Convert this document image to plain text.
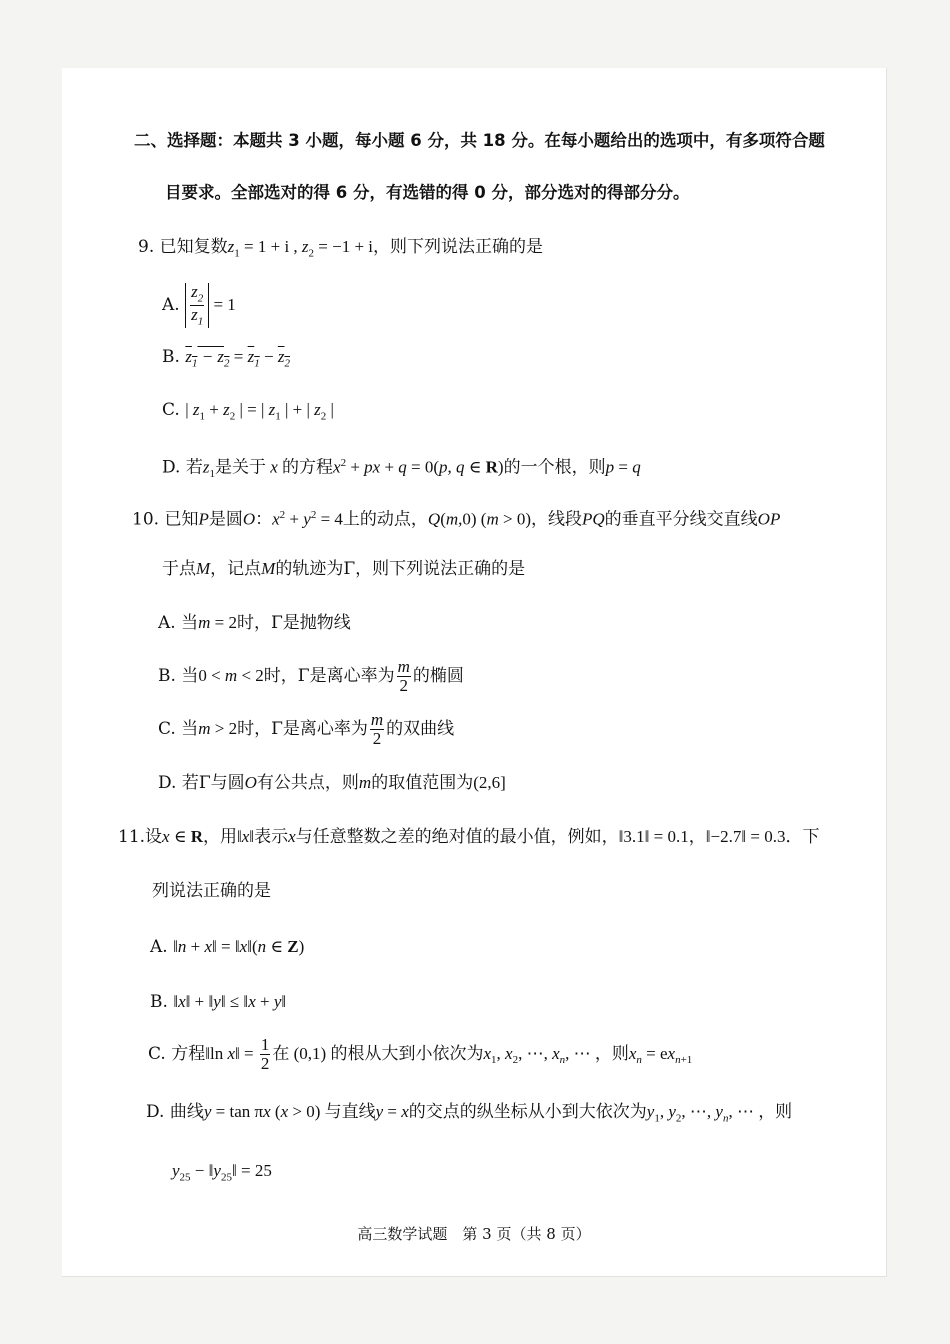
二、选择题：本题共 3 小题，每小题 6 分，共 18 分。在每小题给出的选项中，有多项符合题
目要求。全部选对的得 6 分，有选错的得 0 分，部分选对的得部分分。
9. 已知复数$z_1 = 1 + i$ , $z_2 = -1 + i$，则下列说法正确的是
A. $\frac{z_2}{z_1} = 1$
B. $z_1 - z_2 = z_1 - z_2$
C. | $z_1 + z_2$ | = | $z_1$ | + | $z_2$ |
D. 若$z_1$是关于 x 的方程$x^2$ + px + q = 0(p, q ∈ R)的一个根，则p = q
10. 已知P是圆O：$x^2 + y^2 = 4$上的动点，Q(m,0) (m > 0)，线段PQ的垂直平分线交直线OP
于点M，记点M的轨迹为Γ，则下列说法正确的是
A. 当m = 2时，Γ是抛物线
B. 当0 < m < 2时，Γ是离心率为 $\frac{m}{2}$ 的椭圆
C. 当m > 2时，Γ是离心率为 $\frac{m}{2}$ 的双曲线
D. 若Γ与圆O有公共点，则m的取值范围为(2,6]
11.设x ∈ R，用‖x‖表示x与任意整数之差的绝对值的最小值，例如，‖3.1‖ = 0.1，‖−2.7‖ = 0.3．下
列说法正确的是
A. ‖n + x‖ = ‖x‖(n ∈ Z)
B. ‖x‖ + ‖y‖ ≤ ‖x + y‖
C. 方程‖ln x‖ = $\frac{1}{2}$ 在 (0,1) 的根从大到小依次为$x_1$, $x_2$, ⋯, $x_n$, ⋯ ，则$x_n = ex_{n+1}$
D. 曲线y = tan πx (x > 0) 与直线y = x的交点的纵坐标从小到大依次为$y_1$, $y_2$, ⋯, $y_n$, ⋯ ，则
$y_{25}$ − $‖y_{25}‖ = 25$
高三数学试题　第 3 页（共 8 页）
